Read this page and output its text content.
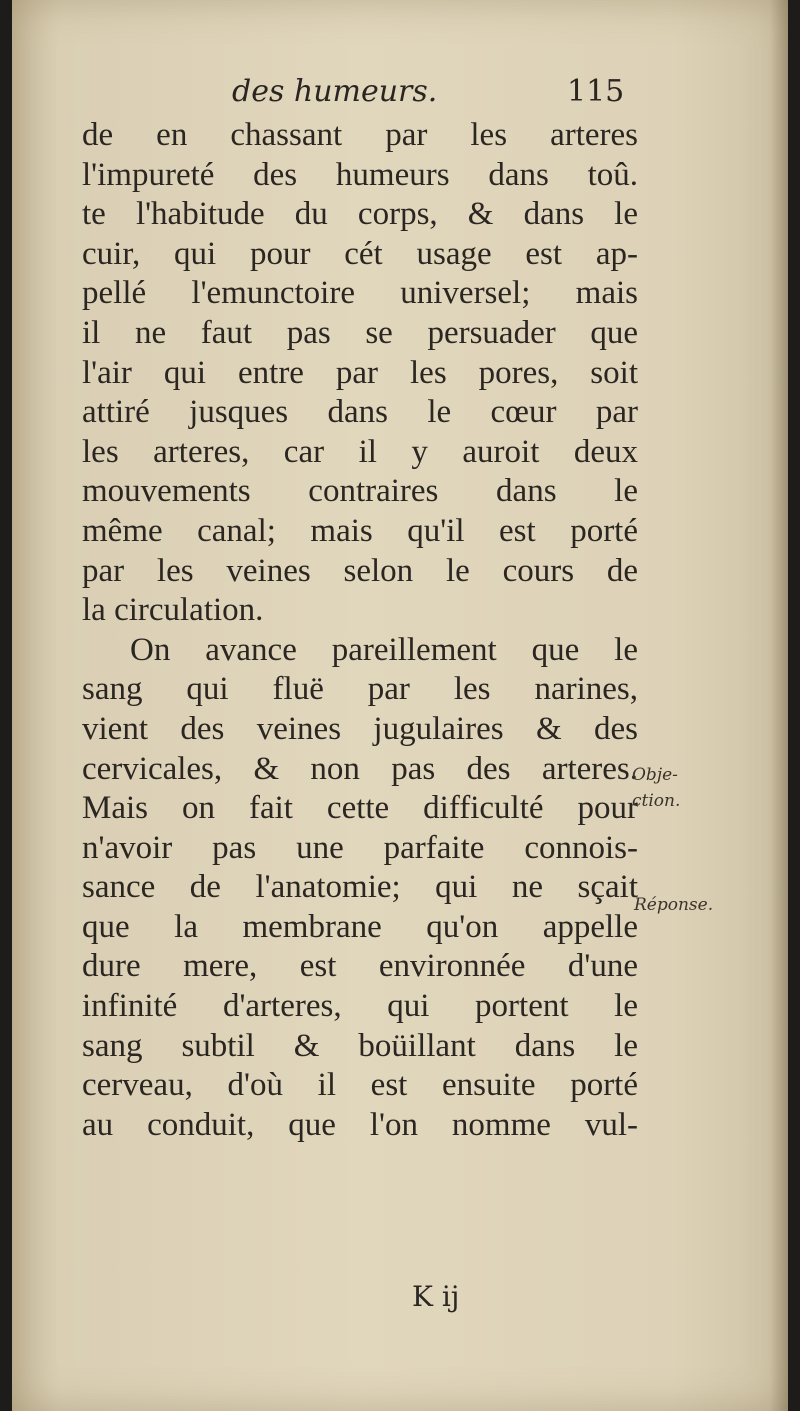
des humeurs.	115
de en chassant par les arteres
l'impureté des humeurs dans toû.
te l'habitude du corps, & dans le
cuir, qui pour cét usage est ap-
pellé l'emunctoire universel; mais
il ne faut pas se persuader que
l'air qui entre par les pores, soit
attiré jusques dans le cœur par
les arteres, car il y auroit deux
mouvements contraires dans le
même canal; mais qu'il est porté
par les veines selon le cours de
la circulation.
On avance pareillement que le
sang qui fluë par les narines,
vient des veines jugulaires & des
cervicales, & non pas des arteres.
Mais on fait cette difficulté pour
n'avoir pas une parfaite connois-
sance de l'anatomie; qui ne sçait
que la membrane qu'on appelle
dure mere, est environnée d'une
infinité d'arteres, qui portent le
sang subtil & boüillant dans le
cerveau, d'où il est ensuite porté
au conduit, que l'on nomme vul-
Obje-
ction.
Réponse.
K ij
